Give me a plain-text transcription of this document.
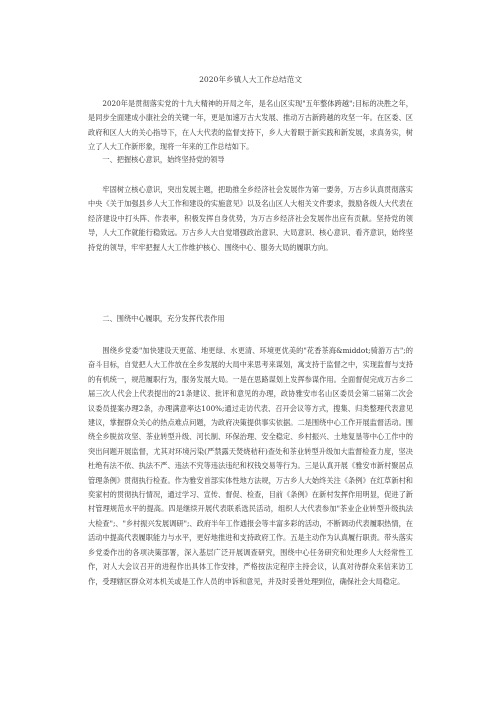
2020年乡镇人大工作总结范文

2020年是贯彻落实党的十九大精神的开局之年，是名山区实现"五年整体跨越";目标的决胜之年，是同步全面建成小康社会的关键一年，更是加速万古大发展、推动万古新跨越的攻坚一年。在区委、区政府和区人大的关心指导下，在人大代表的监督支持下，乡人大着眼于新实践和新发展，求真务实，树立了人大工作新形象，现将一年来的工作总结如下。

一、把握核心意识，始终坚持党的领导

牢固树立核心意识，突出发展主题，把助推全乡经济社会发展作为第一要务，万古乡认真贯彻落实中央《关于加强县乡人大工作和建设的实施意见》以及名山区人大相关文件要求，鼓励各级人大代表在经济建设中打头阵、作表率，积极发挥自身优势，为万古乡经济社会发展作出应有贡献。坚持党的领导，人大工作就能行稳致远。万古乡人大自觉增强政治意识、大局意识、核心意识、看齐意识，始终坚持党的领导，牢牢把握人大工作维护核心、围绕中心、服务大局的履职方向。

二、围绕中心履职，充分发挥代表作用

围绕乡党委"加快建设天更蓝、地更绿、水更清、环境更优美的"花香茶海&middot;骑游万古";的奋斗目标，自觉把人大工作放在全乡发展的大局中来思考来谋划，寓支持于监督之中，实现监督与支持的有机统一，规范履职行为，服务发展大局。一是在思路谋划上发挥参谋作用。全面督促完成万古乡二届三次人代会上代表提出的21条建议、批评和意见的办理，政协雅安市名山区委员会第二届第二次会议委员提案办理2条，办理满意率达100%;通过走访代表、召开会议等方式，搜集、归类整理代表意见建议，掌握群众关心的热点难点问题，为政府决策提供事实依据。二是围绕中心工作开展监督活动。围绕全乡脱贫攻坚、茶业转型升级、河长制、环保治理、安全稳定、乡村振兴、土地复垦等中心工作中的突出问题开展监督，尤其对环境污染(严禁露天焚烧秸秆)查处和茶业转型升级加大监督检查力度，坚决杜绝有法不依、执法不严、违法不究等违法违纪和权钱交易等行为。三是认真开展《雅安市新村聚居点管理条例》贯彻执行检查。作为雅安首部实体性地方法规，万古乡人大始终关注《条例》在红草新村和奕家村的贯彻执行情况，通过学习、宣传、督促、检查，目前《条例》在新村发挥作用明显，促进了新村管理规范水平的提高。四是继续开展代表联系选民活动，组织人大代表参加"茶业企业转型升级执法大检查";、"乡村振兴发展调研";、政府半年工作通报会等丰富多彩的活动，不断调动代表履职热情，在活动中提高代表履职能力与水平，更好地推进和支持政府工作。五是主动作为认真履行职责。带头落实乡党委作出的各项决策部署，深入基层广泛开展调查研究，围绕中心任务研究和处理乡人大经常性工作，对人大会议召开的进程作出具体工作安排，严格按法定程序主持会议，认真对待群众来信来访工作，受理辖区群众对本机关或是工作人员的申诉和意见，并及时妥善处理到位，确保社会大局稳定。
